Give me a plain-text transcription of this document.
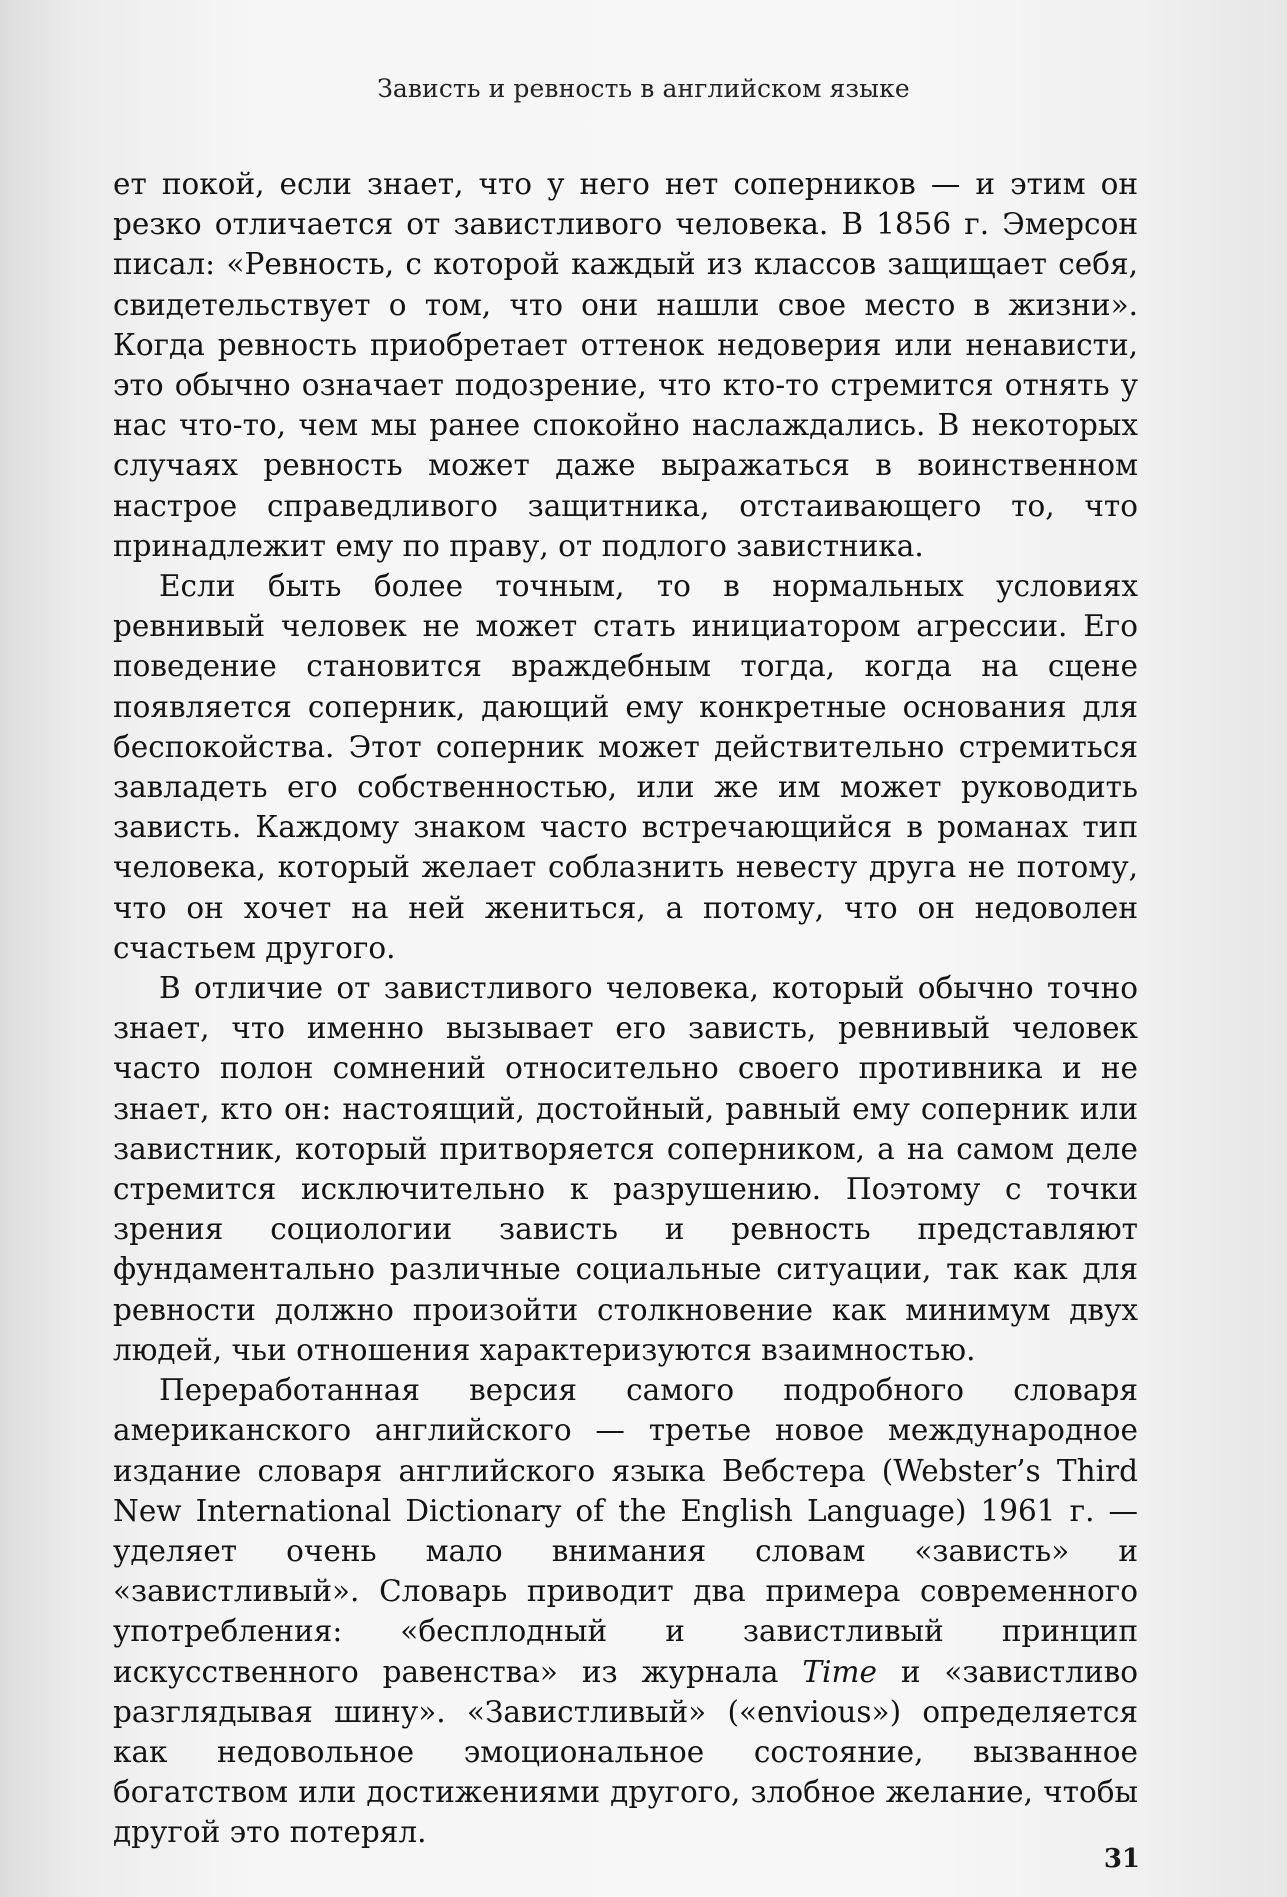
Зависть и ревность в английском языке

ет покой, если знает, что у него нет соперников — и этим он резко отличается от завистливого человека. В 1856 г. Эмерсон писал: «Ревность, с которой каждый из классов защищает себя, свидетельствует о том, что они нашли свое место в жизни». Когда ревность приобретает оттенок недоверия или ненависти, это обычно означает подозрение, что кто-то стремится отнять у нас что-то, чем мы ранее спокойно наслаждались. В некоторых случаях ревность может даже выражаться в воинственном настрое справедливого защитника, отстаивающего то, что принадлежит ему по праву, от подлого завистника.

Если быть более точным, то в нормальных условиях ревнивый человек не может стать инициатором агрессии. Его поведение становится враждебным тогда, когда на сцене появляется соперник, дающий ему конкретные основания для беспокойства. Этот соперник может действительно стремиться завладеть его собственностью, или же им может руководить зависть. Каждому знаком часто встречающийся в романах тип человека, который желает соблазнить невесту друга не потому, что он хочет на ней жениться, а потому, что он недоволен счастьем другого.

В отличие от завистливого человека, который обычно точно знает, что именно вызывает его зависть, ревнивый человек часто полон сомнений относительно своего противника и не знает, кто он: настоящий, достойный, равный ему соперник или завистник, который притворяется соперником, а на самом деле стремится исключительно к разрушению. Поэтому с точки зрения социологии зависть и ревность представляют фундаментально различные социальные ситуации, так как для ревности должно произойти столкновение как минимум двух людей, чьи отношения характеризуются взаимностью.

Переработанная версия самого подробного словаря американского английского — третье новое международное издание словаря английского языка Вебстера (Webster’s Third New International Dictionary of the English Language) 1961 г. — уделяет очень мало внимания словам «зависть» и «завистливый». Словарь приводит два примера современного употребления: «бесплодный и завистливый принцип искусственного равенства» из журнала Time и «завистливо разглядывая шину». «Завистливый» («envious») определяется как недовольное эмоциональное состояние, вызванное богатством или достижениями другого, злобное желание, чтобы другой это потерял.

31
